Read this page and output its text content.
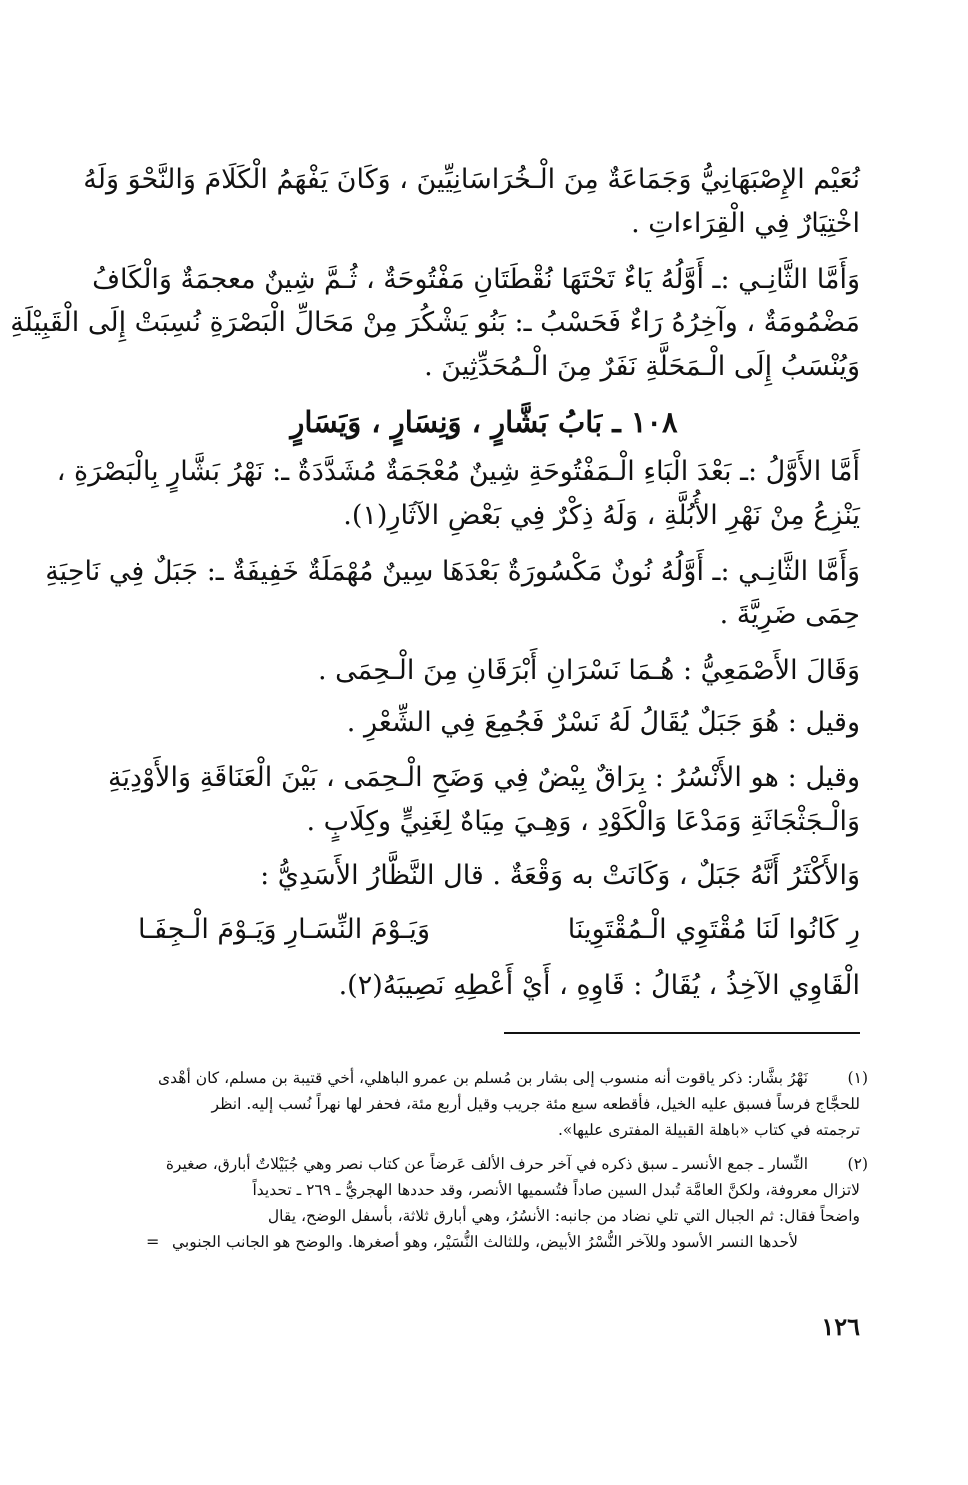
نُعَيْم الإِصْبَهَانِيُّ وَجَمَاعَةٌ مِنَ الْـخُرَاسَانِيِّينَ ، وَكَانَ يَفْهَمُ الْكَلَامَ وَالنَّحْوَ وَلَهُ
اخْتِيَارٌ فِي الْقِرَاءاتِ .
وَأَمَّا الثَّانِـي :ـ أَوَّلُهُ يَاءٌ تَحْتَهَا نُقْطَتَانِ مَفْتُوحَةٌ ، ثُـمَّ شِينٌ معجمَةٌ وَالْكَافُ
مَضْمُومَةٌ ، وآخِرُهُ رَاءٌ فَحَسْبُ ـ: بَنُو يَشْكُرَ مِنْ مَحَالِّ الْبَصْرَةِ نُسِبَتْ إِلَى الْقَبِيْلَةِ
وَيُنْسَبُ إِلَى الْـمَحَلَّةِ نَفَرٌ مِنَ الْـمُحَدِّثِينَ .
١٠٨ ـ بَابُ بَشَّارٍ ، وَنِسَارٍ ، وَيَسَارٍ
أَمَّا الأَوَّلُ :ـ بَعْدَ الْبَاءِ الْـمَفْتُوحَةِ شِينٌ مُعْجَمَةٌ مُشَدَّدَةٌ ـ: نَهْرُ بَشَّارٍ بِالْبَصْرَةِ ،
يَنْزِعُ مِنْ نَهْرِ الأُبُلَّةِ ، وَلَهُ ذِكْرٌ فِي بَعْضِ الآثَارِ(١).
وَأَمَّا الثَّانِـي :ـ أَوَّلُهُ نُونٌ مَكْسُورَةٌ بَعْدَهَا سِينٌ مُهْمَلَةٌ خَفِيفَةٌ ـ: جَبَلٌ فِي نَاحِيَةِ
حِمَى ضَرِيَّةَ .
وَقَالَ الأَصْمَعِيُّ : هُـمَا نَسْرَانِ أَبْرَقَانِ مِنَ الْـحِمَى .
وقيل : هُوَ جَبَلٌ يُقَالُ لَهُ نَسْرٌ فَجُمِعَ فِي الشِّعْرِ .
وقيل : هو الأَنْسُرُ : بِرَاقٌ بِيْضٌ فِي وَضَحِ الْـحِمَى ، بَيْنَ الْعَنَاقَةِ وَالأَوْدِيَةِ
وَالْـجَثْجَاثَةِ وَمَدْعَا وَالْكَوْدِ ، وَهِـيَ مِيَاهٌ لِغَنِيٍّ وكِلَابٍ .
وَالأَكْثَرُ أَنَّهُ جَبَلٌ ، وَكَانَتْ به وَقْعَةٌ . قال النَّظَّارُ الأَسَدِيُّ :
وَيَـوْمَ النِّسَـارِ وَيَـوْمَ الْـجِفَـا	رِ كَانُوا لَنَا مُقْتَوِي الْـمُقْتَوِينَا
الْقَاوِي الآخِذُ ، يُقَالُ : قَاوِهِ ، أَيْ أَعْطِهِ نَصِيبَهُ(٢).
(١)
نَهْرُ بشَّار: ذكر ياقوت أنه منسوب إلى بشار بن مُسلم بن عمرو الباهلي، أخي قتيبة بن مسلم، كان أهْدى
للحجَّاج فرساً فسبق عليه الخيل، فأقطعه سبع مئة جريب وقيل أربع مئة، فحفر لها نهراً نُسب إليه. انظر
ترجمته في كتاب «باهلة القبيلة المفترى عليها».
(٢)
النِّسار ـ جمع الأنسر ـ سبق ذكره في آخر حرف الألف عَرضاً عن كتاب نصر وهي جُبَيْلاتٌ أبارق، صغيرة
لاتزال معروفة، ولكنَّ العامَّة تُبدل السين صاداً فتُسميها الأنصر، وقد حددها الهجريُّ ـ ٢٦٩ ـ تحديداً
واضحاً فقال: ثم الجبال التي تلي نضاد من جانبه: الأنسُرُ، وهي أبارق ثلاثة، بأسفل الوضح، يقال
لأحدها النسر الأسود وللآخر النُّسْرُ الأبيض، وللثالث النُّسَيْر، وهو أصغرها. والوضح هو الجانب الجنوبي
=
١٢٦
